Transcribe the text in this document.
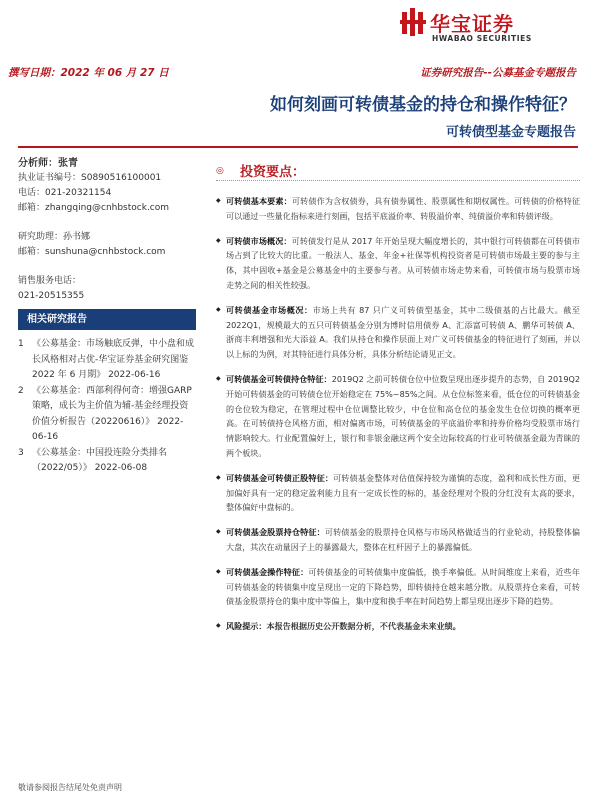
华宝证券
HWABAO SECURITIES
撰写日期：2022 年 06 月 27 日	证券研究报告--公募基金专题报告
如何刻画可转债基金的持仓和操作特征？
可转债型基金专题报告
分析师：张青
执业证书编号：S0890516100001
电话：021-20321154
邮箱：zhangqing@cnhbstock.com
研究助理：孙书娜
邮箱：sunshuna@cnhbstock.com
销售服务电话：
021-20515355
相关研究报告
1 《公募基金：市场触底反弹，中小盘和成长风格相对占优-华宝证券基金研究图鉴 2022 年 6 月期》 2022-06-16
2 《公募基金：西部利得何奇：增强GARP 策略，成长为主价值为辅-基金经理投资价值分析报告（20220616）》 2022-06-16
3 《公募基金：中国投连险分类排名（2022/05）》 2022-06-08
◎ 投资要点：
◆ 可转债基本要素：可转债作为含权债券，具有债券属性、股票属性和期权属性。可转债的价格特征可以通过一些量化指标来进行刻画，包括平底溢价率、转股溢价率、纯债溢价率和转债评级。
◆ 可转债市场概况：可转债发行是从 2017 年开始呈现大幅度增长的，其中银行可转债都在可转债市场占到了比较大的比重。一般法人、基金、年金+社保等机构投资者是可转债市场最主要的参与主体，其中固收+基金是公募基金中的主要参与者。从可转债市场走势来看，可转债市场与股票市场走势之间的相关性较强。
◆ 可转债基金市场概况：市场上共有 87 只广义可转债型基金，其中二级债基的占比最大。截至 2022Q1，规模最大的五只可转债基金分别为博时信用债券 A、汇添富可转债 A、鹏华可转债 A、浙商丰利增强和光大添益 A。我们从持仓和操作层面上对广义可转债基金的特征进行了刻画，并以以上标的为例，对其特征进行具体分析，具体分析结论请见正文。
◆ 可转债基金可转债持仓特征：2019Q2 之前可转债仓位中位数呈现出逐步提升的态势，自 2019Q2 开始可转债基金的可转债仓位开始稳定在 75%~85%之间。从仓位标签来看，低仓位的可转债基金的仓位较为稳定，在管理过程中仓位调整比较少，中仓位和高仓位的基金发生仓位切换的概率更高。在可转债持仓风格方面，相对偏离市场，可转债基金的平底溢价率和持券价格均受股票市场行情影响较大。行业配置偏好上，银行和非银金融这两个安全边际较高的行业可转债基金最为青睐的两个板块。
◆ 可转债基金可转债正股特征：可转债基金整体对估值保持较为谨慎的态度，盈利和成长性方面，更加偏好具有一定的稳定盈利能力且有一定成长性的标的，基金经理对个股的分红没有太高的要求，整体偏好中盘标的。
◆ 可转债基金股票持仓特征：可转债基金的股票持仓风格与市场风格做适当的行业轮动，持股整体偏大盘，其次在动量因子上的暴露最大，整体在杠杆因子上的暴露偏低。
◆ 可转债基金操作特征：可转债基金的可转债集中度偏低，换手率偏低。从时间维度上来看，近些年可转债基金的转债集中度呈现出一定的下降趋势，即转债持仓越来越分散。从股票持仓来看，可转债基金股票持仓的集中度中等偏上，集中度和换手率在时间趋势上都呈现出逐步下降的趋势。
◆ 风险提示：本报告根据历史公开数据分析，不代表基金未来业绩。
敬请参阅报告结尾处免责声明
